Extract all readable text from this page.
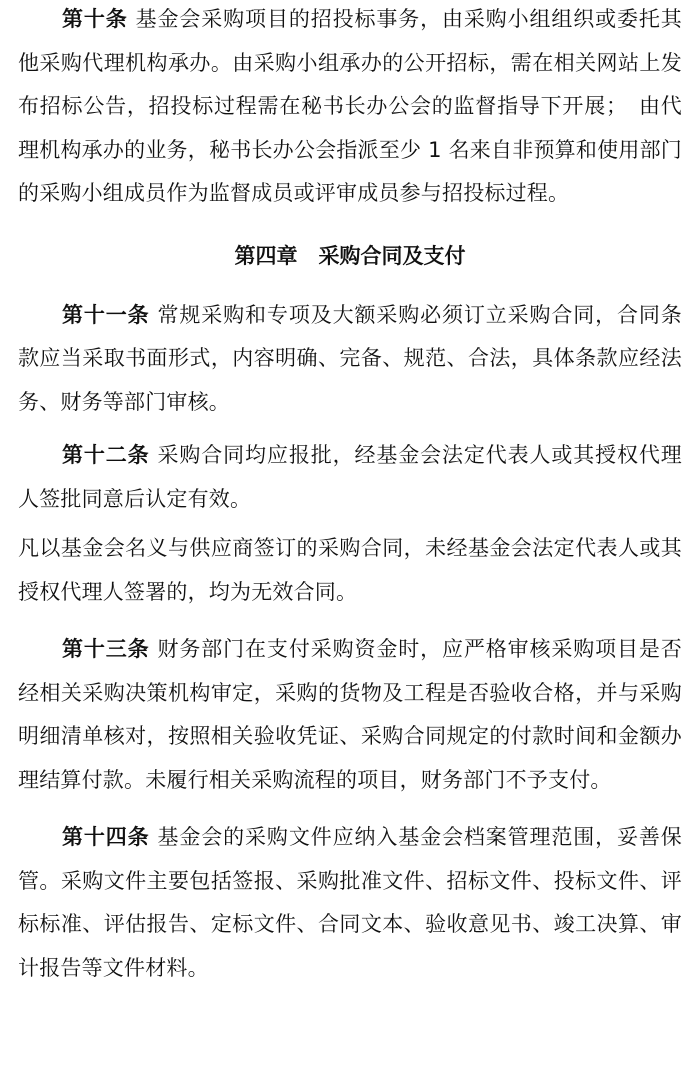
第十条 基金会采购项目的招投标事务，由采购小组组织或委托其他采购代理机构承办。由采购小组承办的公开招标，需在相关网站上发布招标公告，招投标过程需在秘书长办公会的监督指导下开展；　由代理机构承办的业务，秘书长办公会指派至少 1 名来自非预算和使用部门的采购小组成员作为监督成员或评审成员参与招投标过程。

第四章　采购合同及支付

第十一条 常规采购和专项及大额采购必须订立采购合同，合同条款应当采取书面形式，内容明确、完备、规范、合法，具体条款应经法务、财务等部门审核。

第十二条 采购合同均应报批，经基金会法定代表人或其授权代理人签批同意后认定有效。

凡以基金会名义与供应商签订的采购合同，未经基金会法定代表人或其授权代理人签署的，均为无效合同。

第十三条 财务部门在支付采购资金时，应严格审核采购项目是否经相关采购决策机构审定，采购的货物及工程是否验收合格，并与采购明细清单核对，按照相关验收凭证、采购合同规定的付款时间和金额办理结算付款。未履行相关采购流程的项目，财务部门不予支付。

第十四条 基金会的采购文件应纳入基金会档案管理范围，妥善保管。采购文件主要包括签报、采购批准文件、招标文件、投标文件、评标标准、评估报告、定标文件、合同文本、验收意见书、竣工决算、审计报告等文件材料。
